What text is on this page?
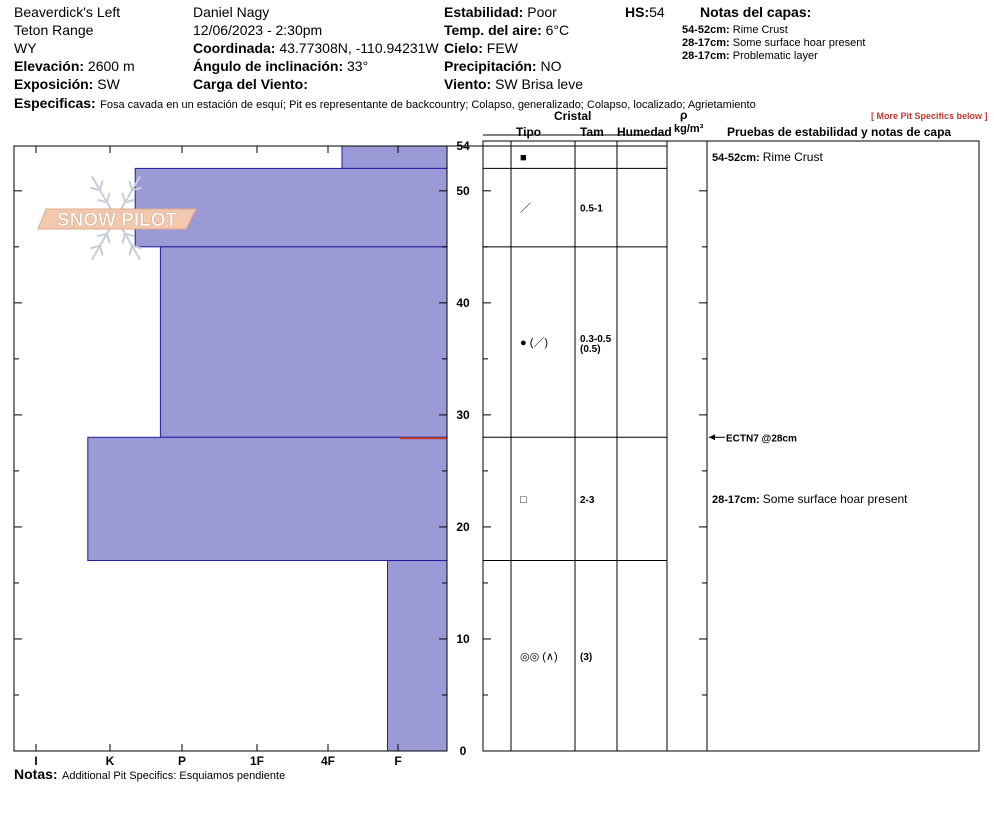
Beaverdick's Left
Teton Range
WY
Elevación: 2600 m
Exposición: SW
Daniel Nagy
12/06/2023 - 2:30pm
Coordinada: 43.77308N, -110.94231W
Ángulo de inclinación: 33°
Carga del Viento:
Estabilidad: Poor
Temp. del aire: 6°C
Cielo: FEW
Precipitación: NO
Viento: SW Brisa leve
HS:54	Notas del capas:
54-52cm: Rime Crust
28-17cm: Some surface hoar present
28-17cm: Problematic layer
Especificas: Fosa cavada en un estación de esquí; Pit es representante de backcountry; Colapso, generalizado; Colapso, localizado; Agrietamiento
[ More Pit Specifics below ]
Cristal
Tipo	Tam Humedad
ρ
kg/m³ Pruebas de estabilidad y notas de capa
■
／	0.5-1
● (／)	0.3-0.5
(0.5)
□	2-3
◎◎ (∧) (3)
ECTN7 @28cm
54-52cm: Rime Crust
28-17cm: Some surface hoar present
I	K	P	1F	4F	F
0
10
20
30
40
50
54
SNOW PILOT
Notas: Additional Pit Specifics: Esquiamos pendiente
